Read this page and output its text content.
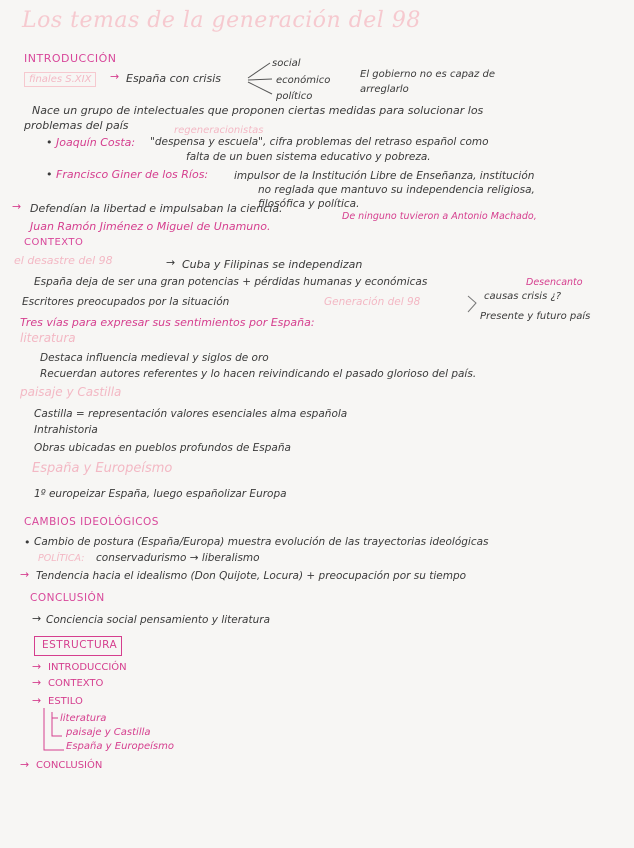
Los temas de la generación del 98
INTRODUCCIÓN
finales S.XIX	→ España con crisis
social
económico
político
El gobierno no es capaz de
arreglarlo
Nace un grupo de intelectuales que proponen ciertas medidas para solucionar los
problemas del país	regeneracionistas
• Joaquín Costa: "despensa y escuela", cifra problemas del retraso español como
falta de un buen sistema educativo y pobreza.
• Francisco Giner de los Ríos: impulsor de la Institución Libre de Enseñanza, institución
no reglada que mantuvo su independencia religiosa,
filosófica y política.
→ Defendían la libertad e impulsaban la ciencia.
De ninguno tuvieron a Antonio Machado,
Juan Ramón Jiménez o Miguel de Unamuno.
CONTEXTO
el desastre del 98	→ Cuba y Filipinas se independizan
España deja de ser una gran potencias + pérdidas humanas y económicas	Desencanto
Escritores preocupados por la situación	Generación del 98	causas crisis ¿?
Presente y futuro país
Tres vías para expresar sus sentimientos por España:
literatura
Destaca influencia medieval y siglos de oro
Recuerdan autores referentes y lo hacen reivindicando el pasado glorioso del país.
paisaje y Castilla
Castilla = representación valores esenciales alma española
Intrahistoria
Obras ubicadas en pueblos profundos de España
España y Europeísmo
1º europeizar España, luego españolizar Europa
CAMBIOS IDEOLÓGICOS
• Cambio de postura (España/Europa) muestra evolución de las trayectorias ideológicas
POLÍTICA: conservadurismo → liberalismo
→ Tendencia hacia el idealismo (Don Quijote, Locura) + preocupación por su tiempo
CONCLUSIÓN
→ Conciencia social pensamiento y literatura
ESTRUCTURA
→ INTRODUCCIÓN
→ CONTEXTO
→ ESTILO
literatura
paisaje y Castilla
España y Europeísmo
→ CONCLUSIÓN
